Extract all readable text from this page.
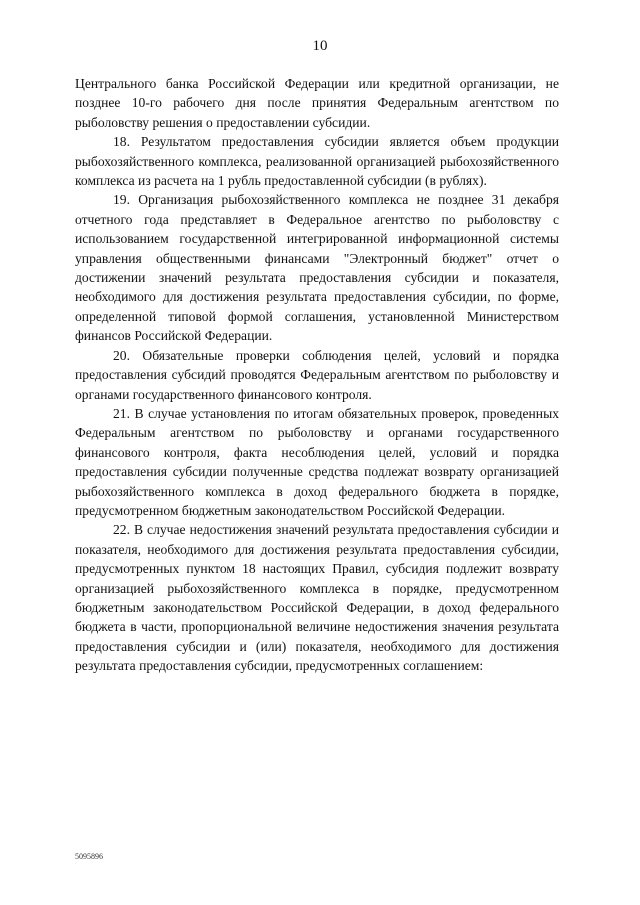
10

Центрального банка Российской Федерации или кредитной организации, не позднее 10-го рабочего дня после принятия Федеральным агентством по рыболовству решения о предоставлении субсидии.

18. Результатом предоставления субсидии является объем продукции рыбохозяйственного комплекса, реализованной организацией рыбохозяйственного комплекса из расчета на 1 рубль предоставленной субсидии (в рублях).

19. Организация рыбохозяйственного комплекса не позднее 31 декабря отчетного года представляет в Федеральное агентство по рыболовству с использованием государственной интегрированной информационной системы управления общественными финансами "Электронный бюджет" отчет о достижении значений результата предоставления субсидии и показателя, необходимого для достижения результата предоставления субсидии, по форме, определенной типовой формой соглашения, установленной Министерством финансов Российской Федерации.

20. Обязательные проверки соблюдения целей, условий и порядка предоставления субсидий проводятся Федеральным агентством по рыболовству и органами государственного финансового контроля.

21. В случае установления по итогам обязательных проверок, проведенных Федеральным агентством по рыболовству и органами государственного финансового контроля, факта несоблюдения целей, условий и порядка предоставления субсидии полученные средства подлежат возврату организацией рыбохозяйственного комплекса в доход федерального бюджета в порядке, предусмотренном бюджетным законодательством Российской Федерации.

22. В случае недостижения значений результата предоставления субсидии и показателя, необходимого для достижения результата предоставления субсидии, предусмотренных пунктом 18 настоящих Правил, субсидия подлежит возврату организацией рыбохозяйственного комплекса в порядке, предусмотренном бюджетным законодательством Российской Федерации, в доход федерального бюджета в части, пропорциональной величине недостижения значения результата предоставления субсидии и (или) показателя, необходимого для достижения результата предоставления субсидии, предусмотренных соглашением:

5095896
